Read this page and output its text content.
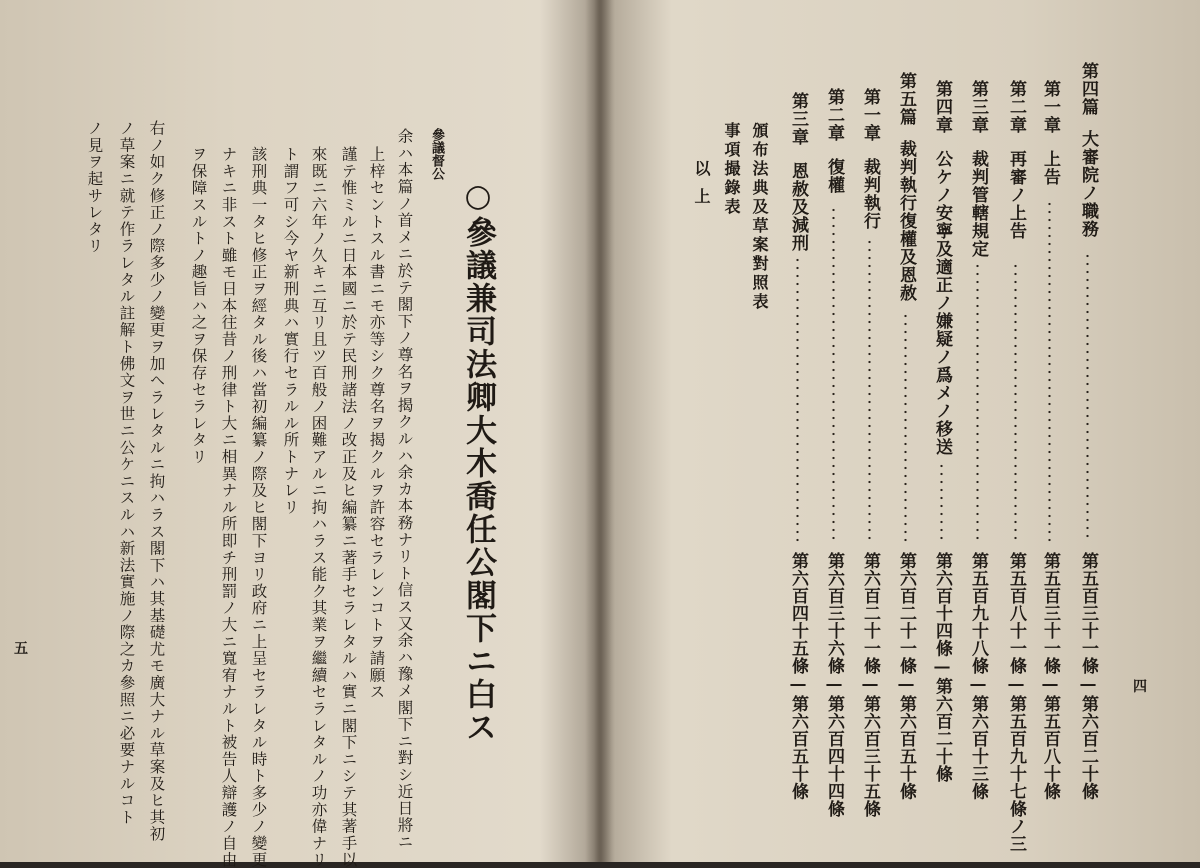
○參議兼司法卿大木喬任公閣下ニ白ス
參議督公
余ハ本篇ノ首メニ於テ閣下ノ尊名ヲ揭クルハ余カ本務ナリト信ス又余ハ豫メ閣下ニ對シ近日將ニ
上梓セントスル書ニモ亦等シク尊名ヲ揭クルヲ許容セラレンコトヲ請願ス
謹テ惟ミルニ日本國ニ於テ民刑諸法ノ改正及ヒ編纂ニ著手セラレタルハ實ニ閣下ニシテ其著手以
來既ニ六年ノ久キニ互リ且ツ百般ノ困難アルニ拘ハラス能ク其業ヲ繼續セラレタルノ功亦偉ナリ
ト謂フ可シ今ヤ新刑典ハ實行セラルル所トナレリ
該刑典一タヒ修正ヲ經タル後ハ當初編纂ノ際及ヒ閣下ヨリ政府ニ上呈セラレタル時ト多少ノ變更
ナキニ非スト雖モ日本往昔ノ刑律ト大ニ相異ナル所即チ刑罰ノ大ニ寬宥ナルト被告人辯護ノ自由
ヲ保障スルトノ趣旨ハ之ヲ保存セラレタリ
右ノ如ク修正ノ際多少ノ變更ヲ加ヘラレタルニ拘ハラス閣下ハ其基礎尤モ廣大ナル草案及ヒ其初
ノ草案ニ就テ作ラレタル註解ト佛文ヲ世ニ公ケニスルハ新法實施ノ際之カ參照ニ必要ナルコト
ノ見ヲ起サレタリ
五
四
第四篇
大審院ノ職務
第五百三十一條—第六百二十條
第一章
上告
第五百三十一條—第五百八十條
第二章
再審ノ上告
第五百八十一條—第五百九十七條ノ三
第三章
裁判管轄規定
第五百九十八條—第六百十三條
第四章
公ケノ安寧及適正ノ嫌疑ノ爲メノ移送
第六百十四條—第六百二十條
第五篇
裁判執行復權及恩赦
第六百二十一條—第六百五十條
第一章
裁判執行
第六百二十一條—第六百三十五條
第二章
復權
第六百三十六條—第六百四十四條
第三章
恩赦及減刑
第六百四十五條—第六百五十條
頒布法典及草案對照表
事項撮錄表
以上
